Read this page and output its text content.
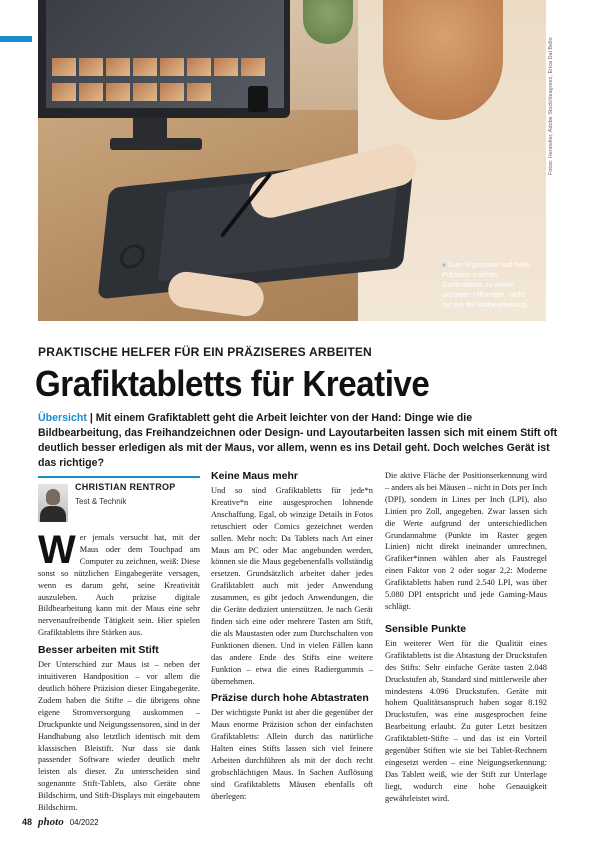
» Gute Ergonomie und hohe Präzision machen Grafiktabletts zu einem wichtigen Hilfsmittel - nicht nur bei der Bildbearbeitung.
Fotos: Hersteller, Adobe Stock/deagreez, Erica Dal Bello
PRAKTISCHE HELFER FÜR EIN PRÄZISERES ARBEITEN
Grafiktabletts für Kreative
Übersicht | Mit einem Grafiktablett geht die Arbeit leichter von der Hand: Dinge wie die Bildbearbeitung, das Freihandzeichnen oder Design- und Layoutarbeiten lassen sich mit einem Stift oft deutlich besser erledigen als mit der Maus, vor allem, wenn es ins Detail geht. Doch welches Gerät ist das richtige?
CHRISTIAN RENTROP
Test & Technik
W er jemals versucht hat, mit der Maus oder dem Touchpad am Computer zu zeichnen, weiß: Diese sonst so nützlichen Eingabegeräte versagen, wenn es darum geht, seine Kreativität auszuleben. Auch präzise digitale Bildbearbeitung kann mit der Maus eine sehr nervenaufreibende Tätigkeit sein. Hier spielen Grafiktabletts ihre Stärken aus.
Besser arbeiten mit Stift

Der Unterschied zur Maus ist – neben der intuitiveren Handposition – vor allem die deutlich höhere Präzision dieser Eingabegeräte. Zudem haben die Stifte – die übrigens ohne eigene Stromversorgung auskommen – Druckpunkte und Neigungssensoren, sind in der Handhabung also letztlich identisch mit dem klassischen Bleistift. Nur dass sie dank passender Software wieder deutlich mehr leisten als dieser. Zu unterscheiden sind sogenannte Stift-Tablets, also Geräte ohne Bildschirm, und Stift-Displays mit eingebautem Bildschirm.

Keine Maus mehr

Und so sind Grafiktabletts für jede*n Kreative*n eine ausgesprochen lohnende Anschaffung. Egal, ob winzige Details in Fotos retuschiert oder Comics gezeichnet werden sollen. Mehr noch: Da Tablets nach Art einer Maus am PC oder Mac angebunden werden, können sie die Maus gegebenenfalls vollständig ersetzen. Grundsätzlich arbeitet daher jedes Grafiktablett auch mit jeder Anwendung zusammen, es gibt jedoch Anwendungen, die die Geräte dediziert unterstützen. Je nach Gerät finden sich eine oder mehrere Tasten am Stift, die als Maustasten oder zum Durchschalten von Funktionen dienen. Und in vielen Fällen kann das andere Ende des Stifts eine weitere Funktion – etwa die eines Radiergummis – übernehmen.

Präzise durch hohe Abtastraten

Der wichtigste Punkt ist aber die gegenüber der Maus enorme Präzision schon der einfachsten Grafiktabletts: Allein durch das natürliche Halten eines Stifts lassen sich viel feinere Arbeiten durchführen als mit der doch recht grobschlächtigen Maus. In Sachen Auflösung sind Grafiktabletts Mäusen ebenfalls oft überlegen:

Die aktive Fläche der Positionserkennung wird – anders als bei Mäusen – nicht in Dots per Inch (DPI), sondern in Lines per Inch (LPI), also Linien pro Zoll, angegeben. Zwar lassen sich die Werte aufgrund der unterschiedlichen Grundannahme (Punkte im Raster gegen Linien) nicht direkt ineinander umrechnen, Grafiker*innen wählen aber als Faustregel einen Faktor von 2 oder sogar 2,2: Moderne Grafiktabletts haben rund 2.540 LPI, was über 5.080 DPI entspricht und jede Gaming-Maus schlägt.

Sensible Punkte

Ein weiterer Wert für die Qualität eines Grafiktabletts ist die Abtastung der Druckstufen des Stifts: Sehr einfache Geräte tasten 2.048 Druckstufen ab, Standard sind mittlerweile aber mindestens 4.096 Druckstufen. Geräte mit hohem Qualitätsanspruch haben sogar 8.192 Druckstufen, was eine ausgesprochen feine Bearbeitung erlaubt. Zu guter Letzt besitzen Grafiktablett-Stifte – und das ist ein Vorteil gegenüber Stiften wie sie bei Tablet-Rechnern eingesetzt werden – eine Neigungserkennung: Das Tablett weiß, wie der Stift zur Unterlage liegt, wodurch eine hohe Genauigkeit gewährleistet wird.

48 photo 04/2022
